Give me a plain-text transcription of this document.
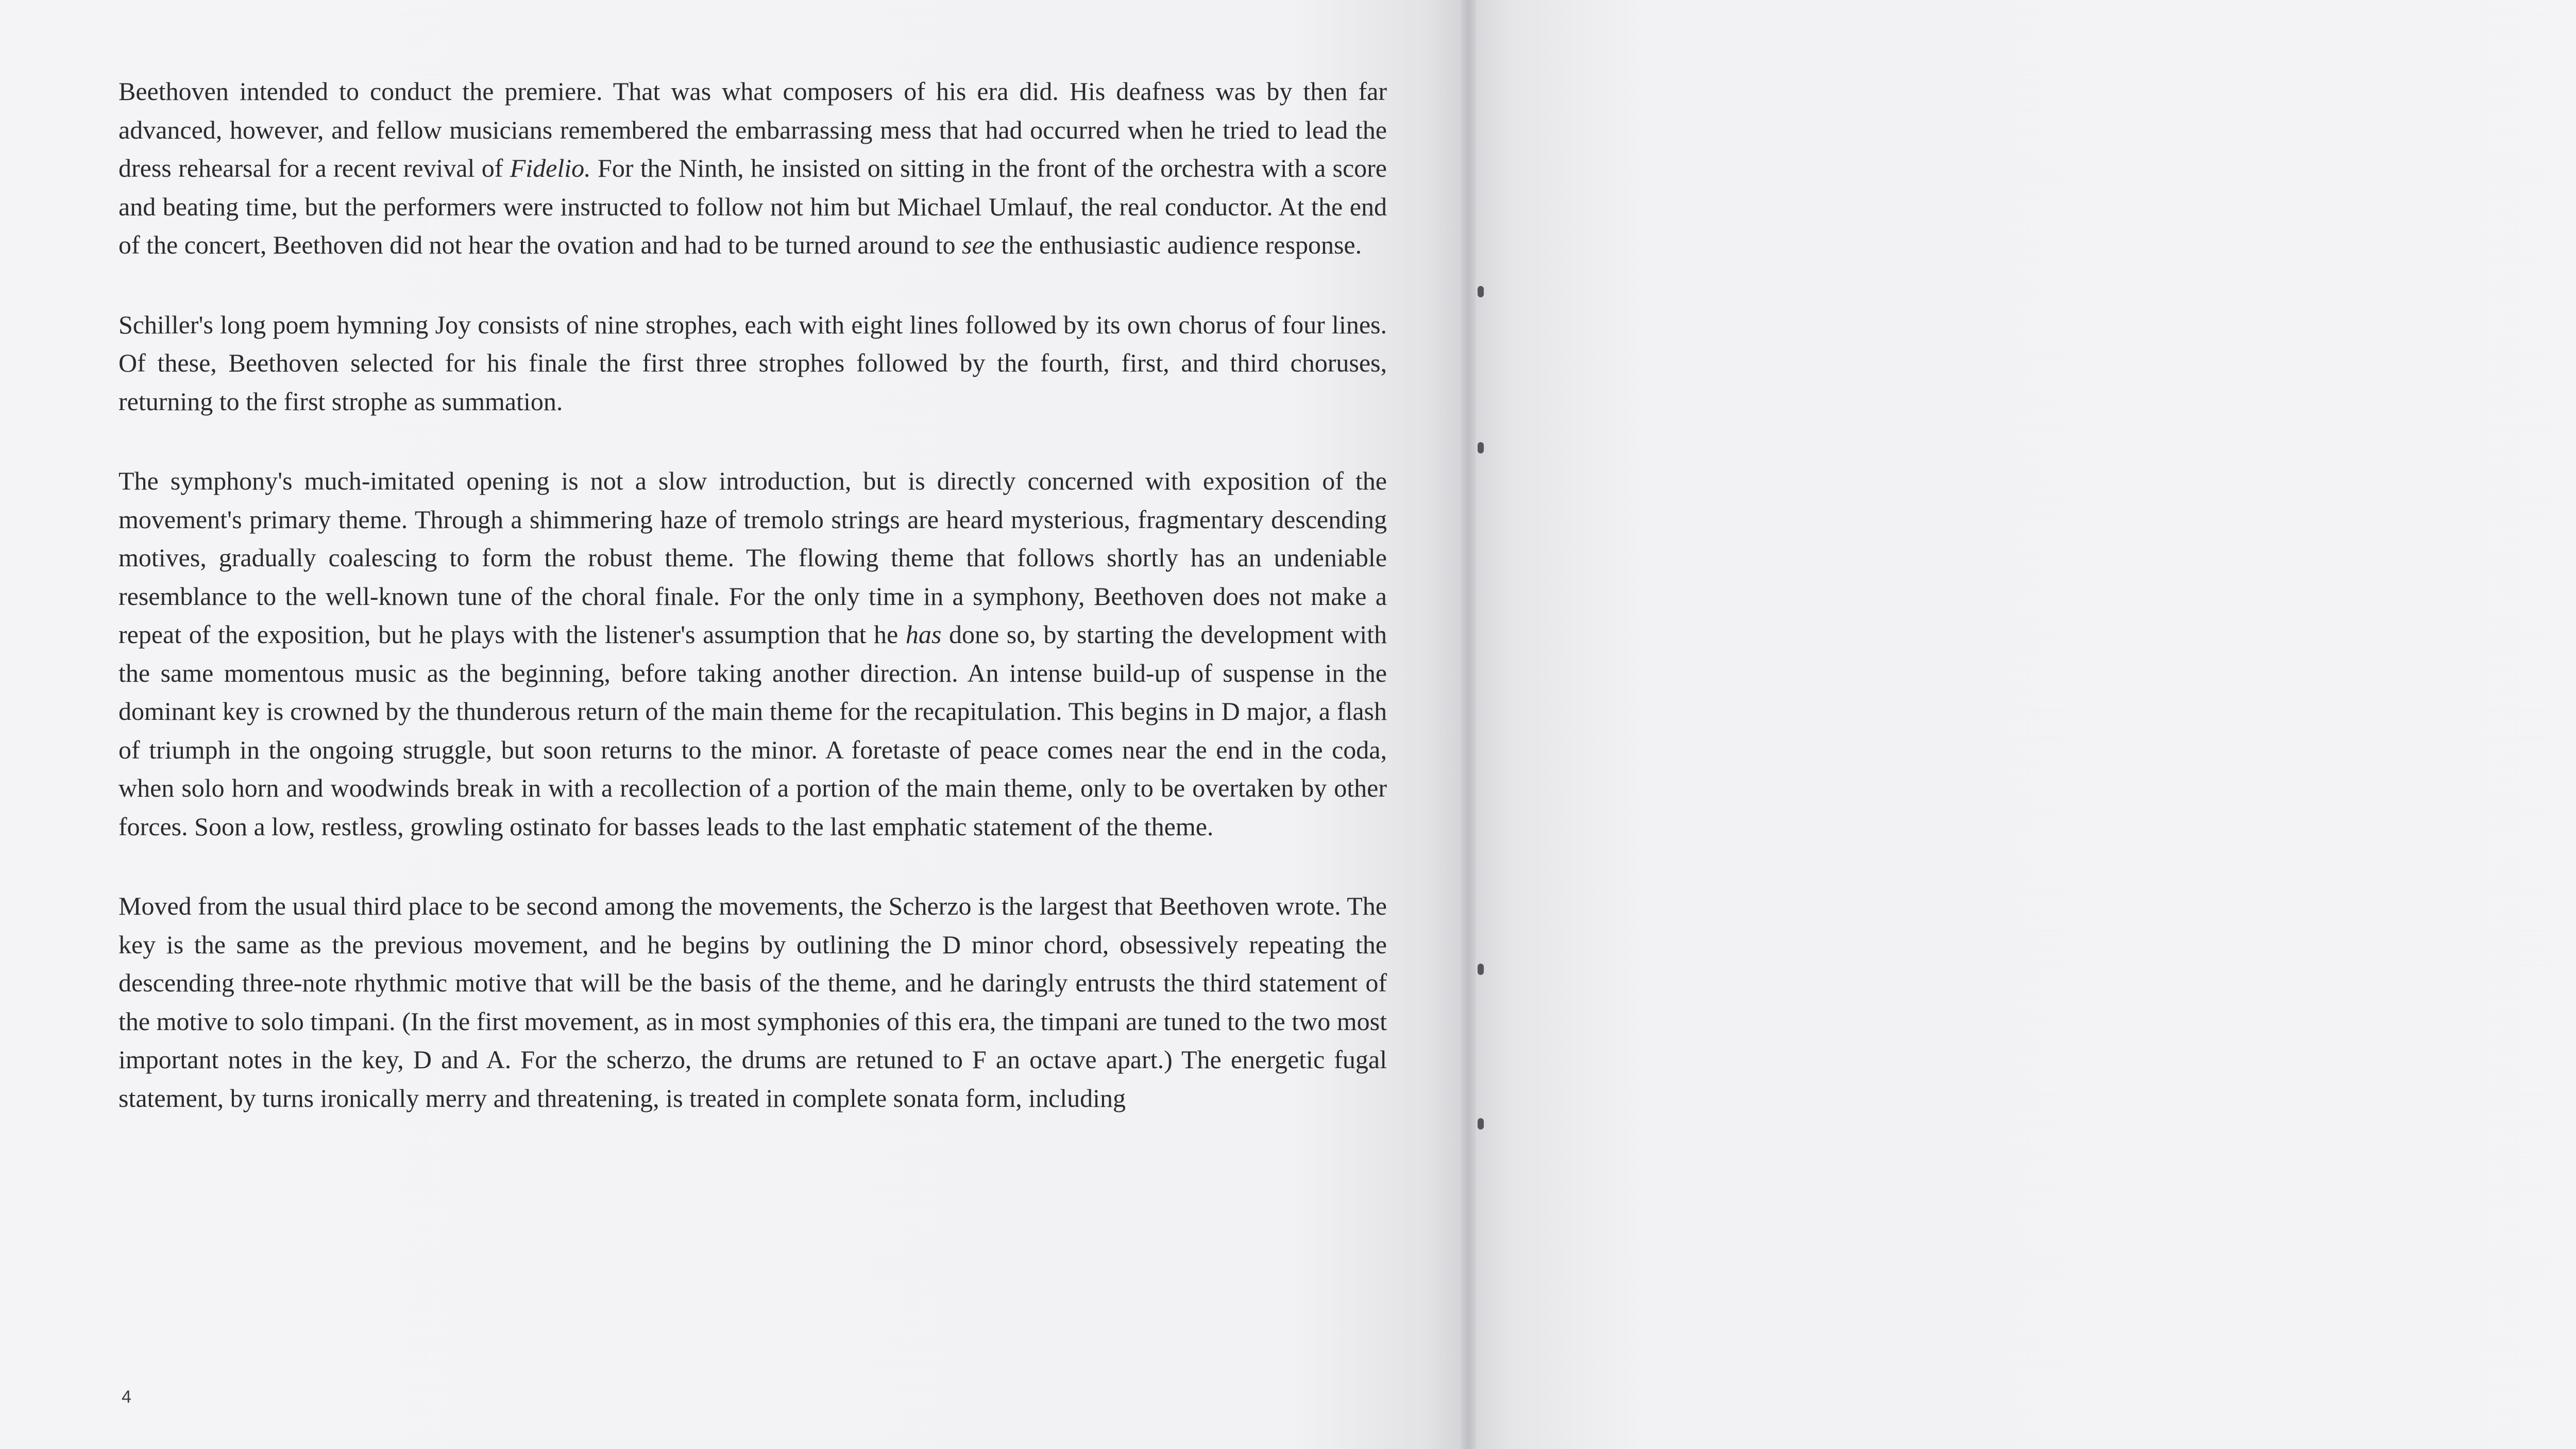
Beethoven intended to conduct the premiere. That was what composers of his era did. His deafness was by then far advanced, however, and fellow musicians remembered the embarrassing mess that had occurred when he tried to lead the dress rehearsal for a recent revival of Fidelio. For the Ninth, he insisted on sitting in the front of the orchestra with a score and beating time, but the performers were instructed to follow not him but Michael Umlauf, the real conductor. At the end of the concert, Beethoven did not hear the ovation and had to be turned around to see the enthusiastic audience response.

Schiller's long poem hymning Joy consists of nine strophes, each with eight lines followed by its own chorus of four lines. Of these, Beethoven selected for his finale the first three strophes followed by the fourth, first, and third choruses, returning to the first strophe as summation.

The symphony's much-imitated opening is not a slow introduction, but is directly concerned with exposition of the movement's primary theme. Through a shimmering haze of tremolo strings are heard mysterious, fragmentary descending motives, gradually coalescing to form the robust theme. The flowing theme that follows shortly has an undeniable resemblance to the well-known tune of the choral finale. For the only time in a symphony, Beethoven does not make a repeat of the exposition, but he plays with the listener's assumption that he has done so, by starting the development with the same momentous music as the beginning, before taking another direction. An intense build-up of suspense in the dominant key is crowned by the thunderous return of the main theme for the recapitulation. This begins in D major, a flash of triumph in the ongoing struggle, but soon returns to the minor. A foretaste of peace comes near the end in the coda, when solo horn and woodwinds break in with a recollection of a portion of the main theme, only to be overtaken by other forces. Soon a low, restless, growling ostinato for basses leads to the last emphatic statement of the theme.

Moved from the usual third place to be second among the movements, the Scherzo is the largest that Beethoven wrote. The key is the same as the previous movement, and he begins by outlining the D minor chord, obsessively repeating the descending three-note rhythmic motive that will be the basis of the theme, and he daringly entrusts the third statement of the motive to solo timpani. (In the first movement, as in most symphonies of this era, the timpani are tuned to the two most important notes in the key, D and A. For the scherzo, the drums are retuned to F an octave apart.) The energetic fugal statement, by turns ironically merry and threatening, is treated in complete sonata form, including

4
